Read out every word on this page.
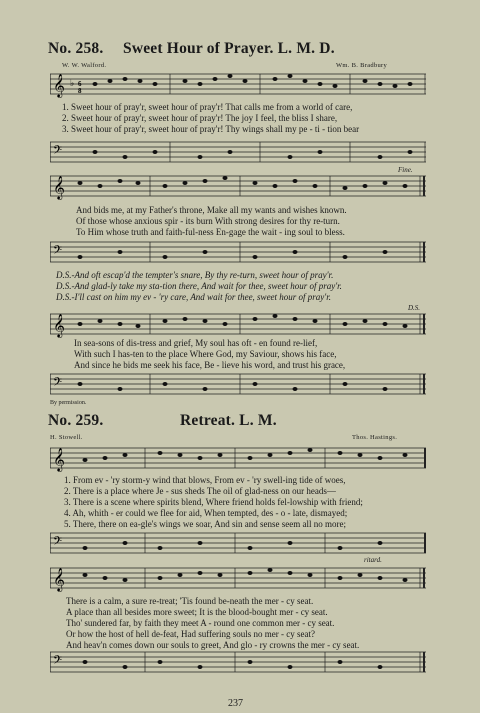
No. 258. Sweet Hour of Prayer. L. M. D.
W. W. Walford.	Wm. B. Bradbury
𝄞 ♭ 6
8
1. Sweet hour of pray'r, sweet hour of pray'r! That calls me from a world of care,
2. Sweet hour of pray'r, sweet hour of pray'r! The joy I feel, the bliss I share,
3. Sweet hour of pray'r, sweet hour of pray'r! Thy wings shall my pe - ti - tion bear
𝄢
𝄞
Fine.
And bids me, at my Father's throne, Make all my wants and wishes known.
Of those whose anxious spir - its burn With strong desires for thy re-turn.
To Him whose truth and faith-ful-ness En-gage the wait - ing soul to bless.
𝄢
D.S.-And oft escap'd the tempter's snare, By thy re-turn, sweet hour of pray'r.
D.S.-And glad-ly take my sta-tion there, And wait for thee, sweet hour of pray'r.
D.S.-I'll cast on him my ev - 'ry care, And wait for thee, sweet hour of pray'r.
𝄞
D.S.
In sea-sons of dis-tress and grief, My soul has oft - en found re-lief,
With such I has-ten to the place Where God, my Saviour, shows his face,
And since he bids me seek his face, Be - lieve his word, and trust his grace,
𝄢
By permission.
No. 259.	Retreat. L. M.
H. Stowell.	Thos. Hastings.
𝄞
1. From ev - 'ry storm-y wind that blows, From ev - 'ry swell-ing tide of woes,
2. There is a place where Je - sus sheds The oil of glad-ness on our heads—
3. There is a scene where spirits blend, Where friend holds fel-lowship with friend;
4. Ah, whith - er could we flee for aid, When tempted, des - o - late, dismayed;
5. There, there on ea-gle's wings we soar, And sin and sense seem all no more;
𝄢
𝄞
ritard.
There is a calm, a sure re-treat; 'Tis found be-neath the mer - cy seat.
A place than all besides more sweet; It is the blood-bought mer - cy seat.
Tho' sundered far, by faith they meet A - round one common mer - cy seat.
Or how the host of hell de-feat, Had suffering souls no mer - cy seat?
And heav'n comes down our souls to greet, And glo - ry crowns the mer - cy seat.
𝄢
237
